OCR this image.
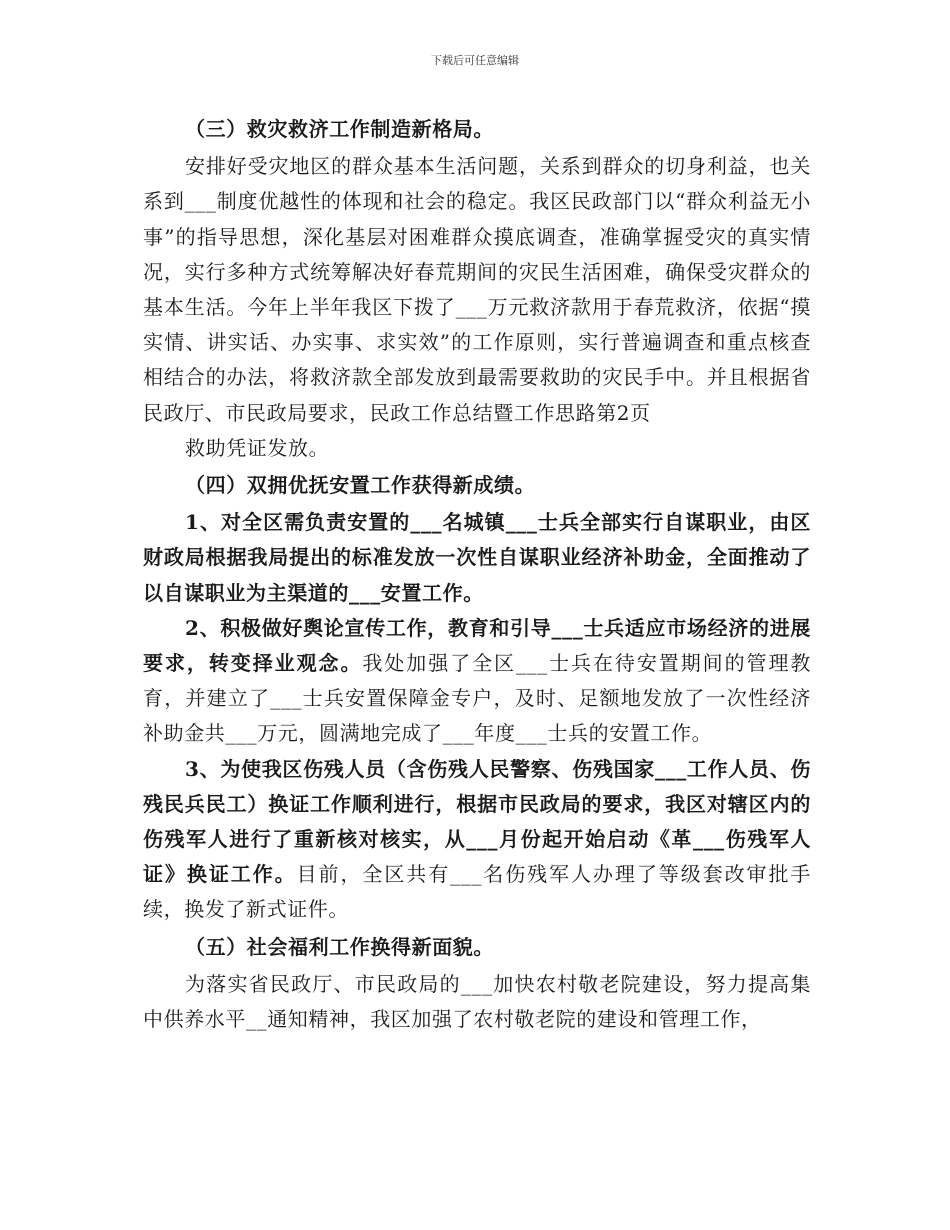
下载后可任意编辑

（三）救灾救济工作制造新格局。

安排好受灾地区的群众基本生活问题，关系到群众的切身利益，也关系到___制度优越性的体现和社会的稳定。我区民政部门以“群众利益无小事”的指导思想，深化基层对困难群众摸底调查，准确掌握受灾的真实情况，实行多种方式统筹解决好春荒期间的灾民生活困难，确保受灾群众的基本生活。今年上半年我区下拨了___万元救济款用于春荒救济，依据“摸实情、讲实话、办实事、求实效”的工作原则，实行普遍调查和重点核查相结合的办法，将救济款全部发放到最需要救助的灾民手中。并且根据省民政厅、市民政局要求，民政工作总结暨工作思路第2页

救助凭证发放。

（四）双拥优抚安置工作获得新成绩。

1、对全区需负责安置的___名城镇___士兵全部实行自谋职业，由区财政局根据我局提出的标准发放一次性自谋职业经济补助金，全面推动了以自谋职业为主渠道的___安置工作。

2、积极做好舆论宣传工作，教育和引导___士兵适应市场经济的进展要求，转变择业观念。我处加强了全区___士兵在待安置期间的管理教育，并建立了___士兵安置保障金专户，及时、足额地发放了一次性经济补助金共___万元，圆满地完成了___年度___士兵的安置工作。

3、为使我区伤残人员（含伤残人民警察、伤残国家___工作人员、伤残民兵民工）换证工作顺利进行，根据市民政局的要求，我区对辖区内的伤残军人进行了重新核对核实，从___月份起开始启动《革___伤残军人证》换证工作。目前，全区共有___名伤残军人办理了等级套改审批手续，换发了新式证件。

（五）社会福利工作换得新面貌。

为落实省民政厅、市民政局的___加快农村敬老院建设，努力提高集中供养水平__通知精神，我区加强了农村敬老院的建设和管理工作，
